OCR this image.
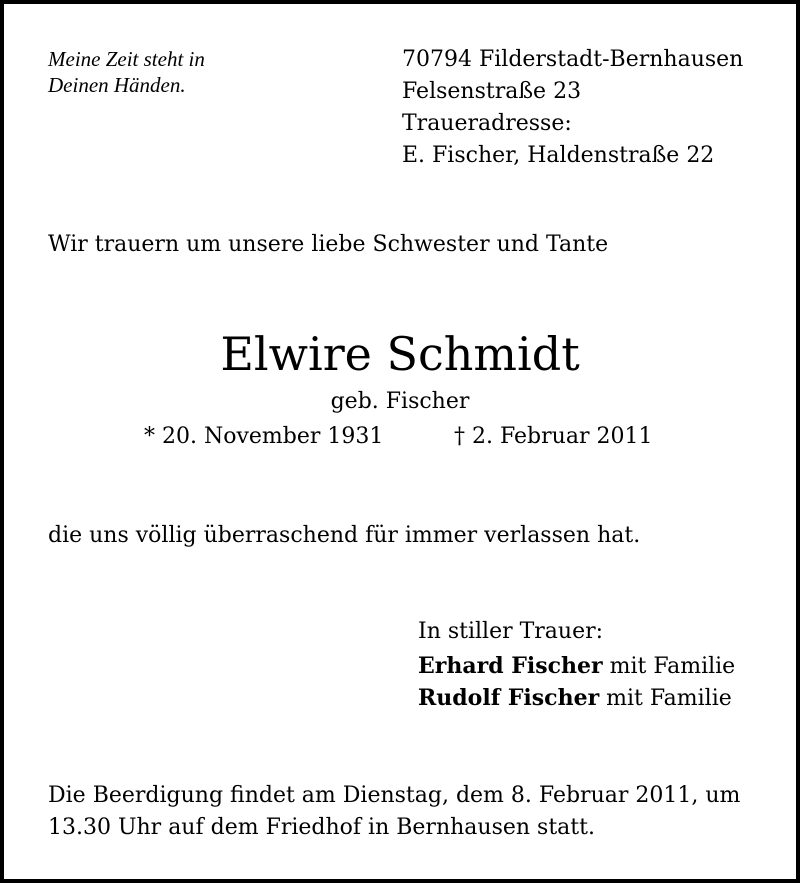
Meine Zeit steht in
Deinen Händen.
70794 Filderstadt-Bernhausen
Felsenstraße 23
Traueradresse:
E. Fischer, Haldenstraße 22
Wir trauern um unsere liebe Schwester und Tante
Elwire Schmidt
geb. Fischer
* 20. November 1931	† 2. Februar 2011
die uns völlig überraschend für immer verlassen hat.
In stiller Trauer:
Erhard Fischer mit Familie
Rudolf Fischer mit Familie
Die Beerdigung findet am Dienstag, dem 8. Februar 2011, um
13.30 Uhr auf dem Friedhof in Bernhausen statt.
